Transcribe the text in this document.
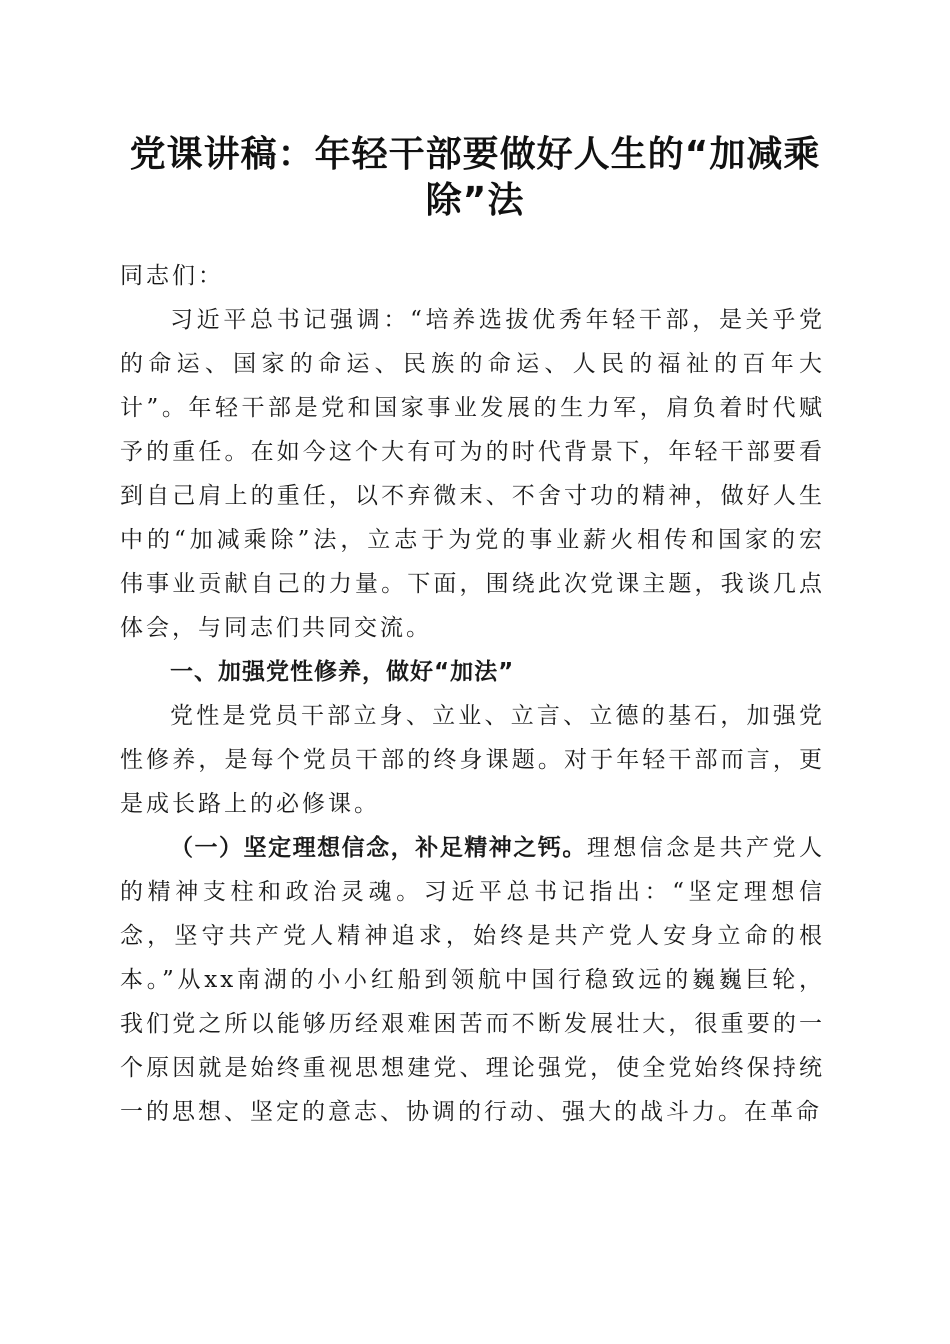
党课讲稿：年轻干部要做好人生的“加减乘
除”法

同志们：

习近平总书记强调：“培养选拔优秀年轻干部，是关乎党的命运、国家的命运、民族的命运、人民的福祉的百年大计”。年轻干部是党和国家事业发展的生力军，肩负着时代赋予的重任。在如今这个大有可为的时代背景下，年轻干部要看到自己肩上的重任，以不弃微末、不舍寸功的精神，做好人生中的“加减乘除”法，立志于为党的事业薪火相传和国家的宏伟事业贡献自己的力量。下面，围绕此次党课主题，我谈几点体会，与同志们共同交流。

一、加强党性修养，做好“加法”

党性是党员干部立身、立业、立言、立德的基石，加强党性修养，是每个党员干部的终身课题。对于年轻干部而言，更是成长路上的必修课。

（一）坚定理想信念，补足精神之钙。理想信念是共产党人的精神支柱和政治灵魂。习近平总书记指出：“坚定理想信念，坚守共产党人精神追求，始终是共产党人安身立命的根本。”从xx南湖的小小红船到领航中国行稳致远的巍巍巨轮，我们党之所以能够历经艰难困苦而不断发展壮大，很重要的一个原因就是始终重视思想建党、理论强党，使全党始终保持统一的思想、坚定的意志、协调的行动、强大的战斗力。在革命
